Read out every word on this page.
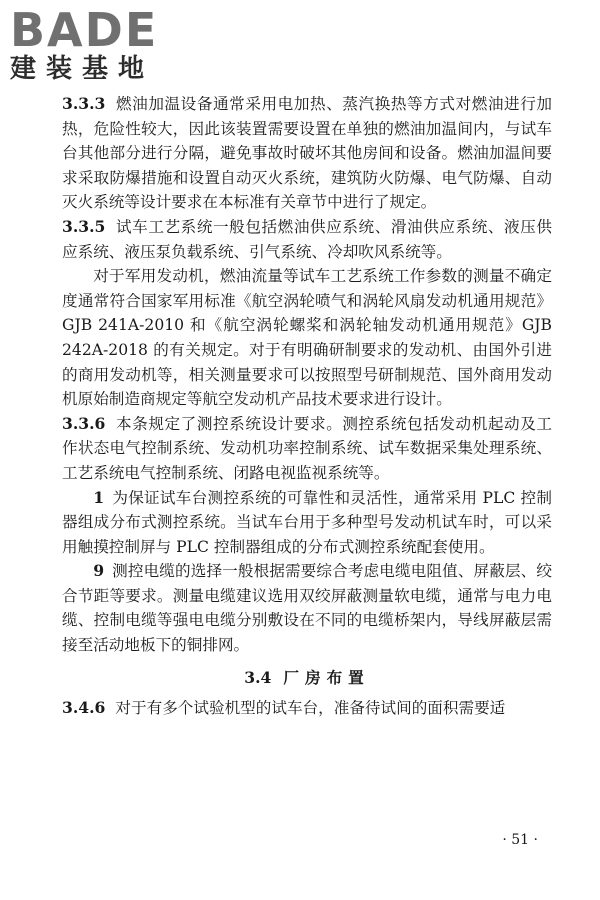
BADE
建装基地

3.3.3 燃油加温设备通常采用电加热、蒸汽换热等方式对燃油进行加热，危险性较大，因此该装置需要设置在单独的燃油加温间内，与试车台其他部分进行分隔，避免事故时破坏其他房间和设备。燃油加温间要求采取防爆措施和设置自动灭火系统，建筑防火防爆、电气防爆、自动灭火系统等设计要求在本标准有关章节中进行了规定。

3.3.5 试车工艺系统一般包括燃油供应系统、滑油供应系统、液压供应系统、液压泵负载系统、引气系统、冷却吹风系统等。

对于军用发动机，燃油流量等试车工艺系统工作参数的测量不确定度通常符合国家军用标准《航空涡轮喷气和涡轮风扇发动机通用规范》GJB 241A-2010 和《航空涡轮螺桨和涡轮轴发动机通用规范》GJB 242A-2018 的有关规定。对于有明确研制要求的发动机、由国外引进的商用发动机等，相关测量要求可以按照型号研制规范、国外商用发动机原始制造商规定等航空发动机产品技术要求进行设计。

3.3.6 本条规定了测控系统设计要求。测控系统包括发动机起动及工作状态电气控制系统、发动机功率控制系统、试车数据采集处理系统、工艺系统电气控制系统、闭路电视监视系统等。

1 为保证试车台测控系统的可靠性和灵活性，通常采用 PLC 控制器组成分布式测控系统。当试车台用于多种型号发动机试车时，可以采用触摸控制屏与 PLC 控制器组成的分布式测控系统配套使用。

9 测控电缆的选择一般根据需要综合考虑电缆电阻值、屏蔽层、绞合节距等要求。测量电缆建议选用双绞屏蔽测量软电缆，通常与电力电缆、控制电缆等强电电缆分别敷设在不同的电缆桥架内，导线屏蔽层需接至活动地板下的铜排网。

3.4 厂房布置

3.4.6 对于有多个试验机型的试车台，准备待试间的面积需要适

· 51 ·
